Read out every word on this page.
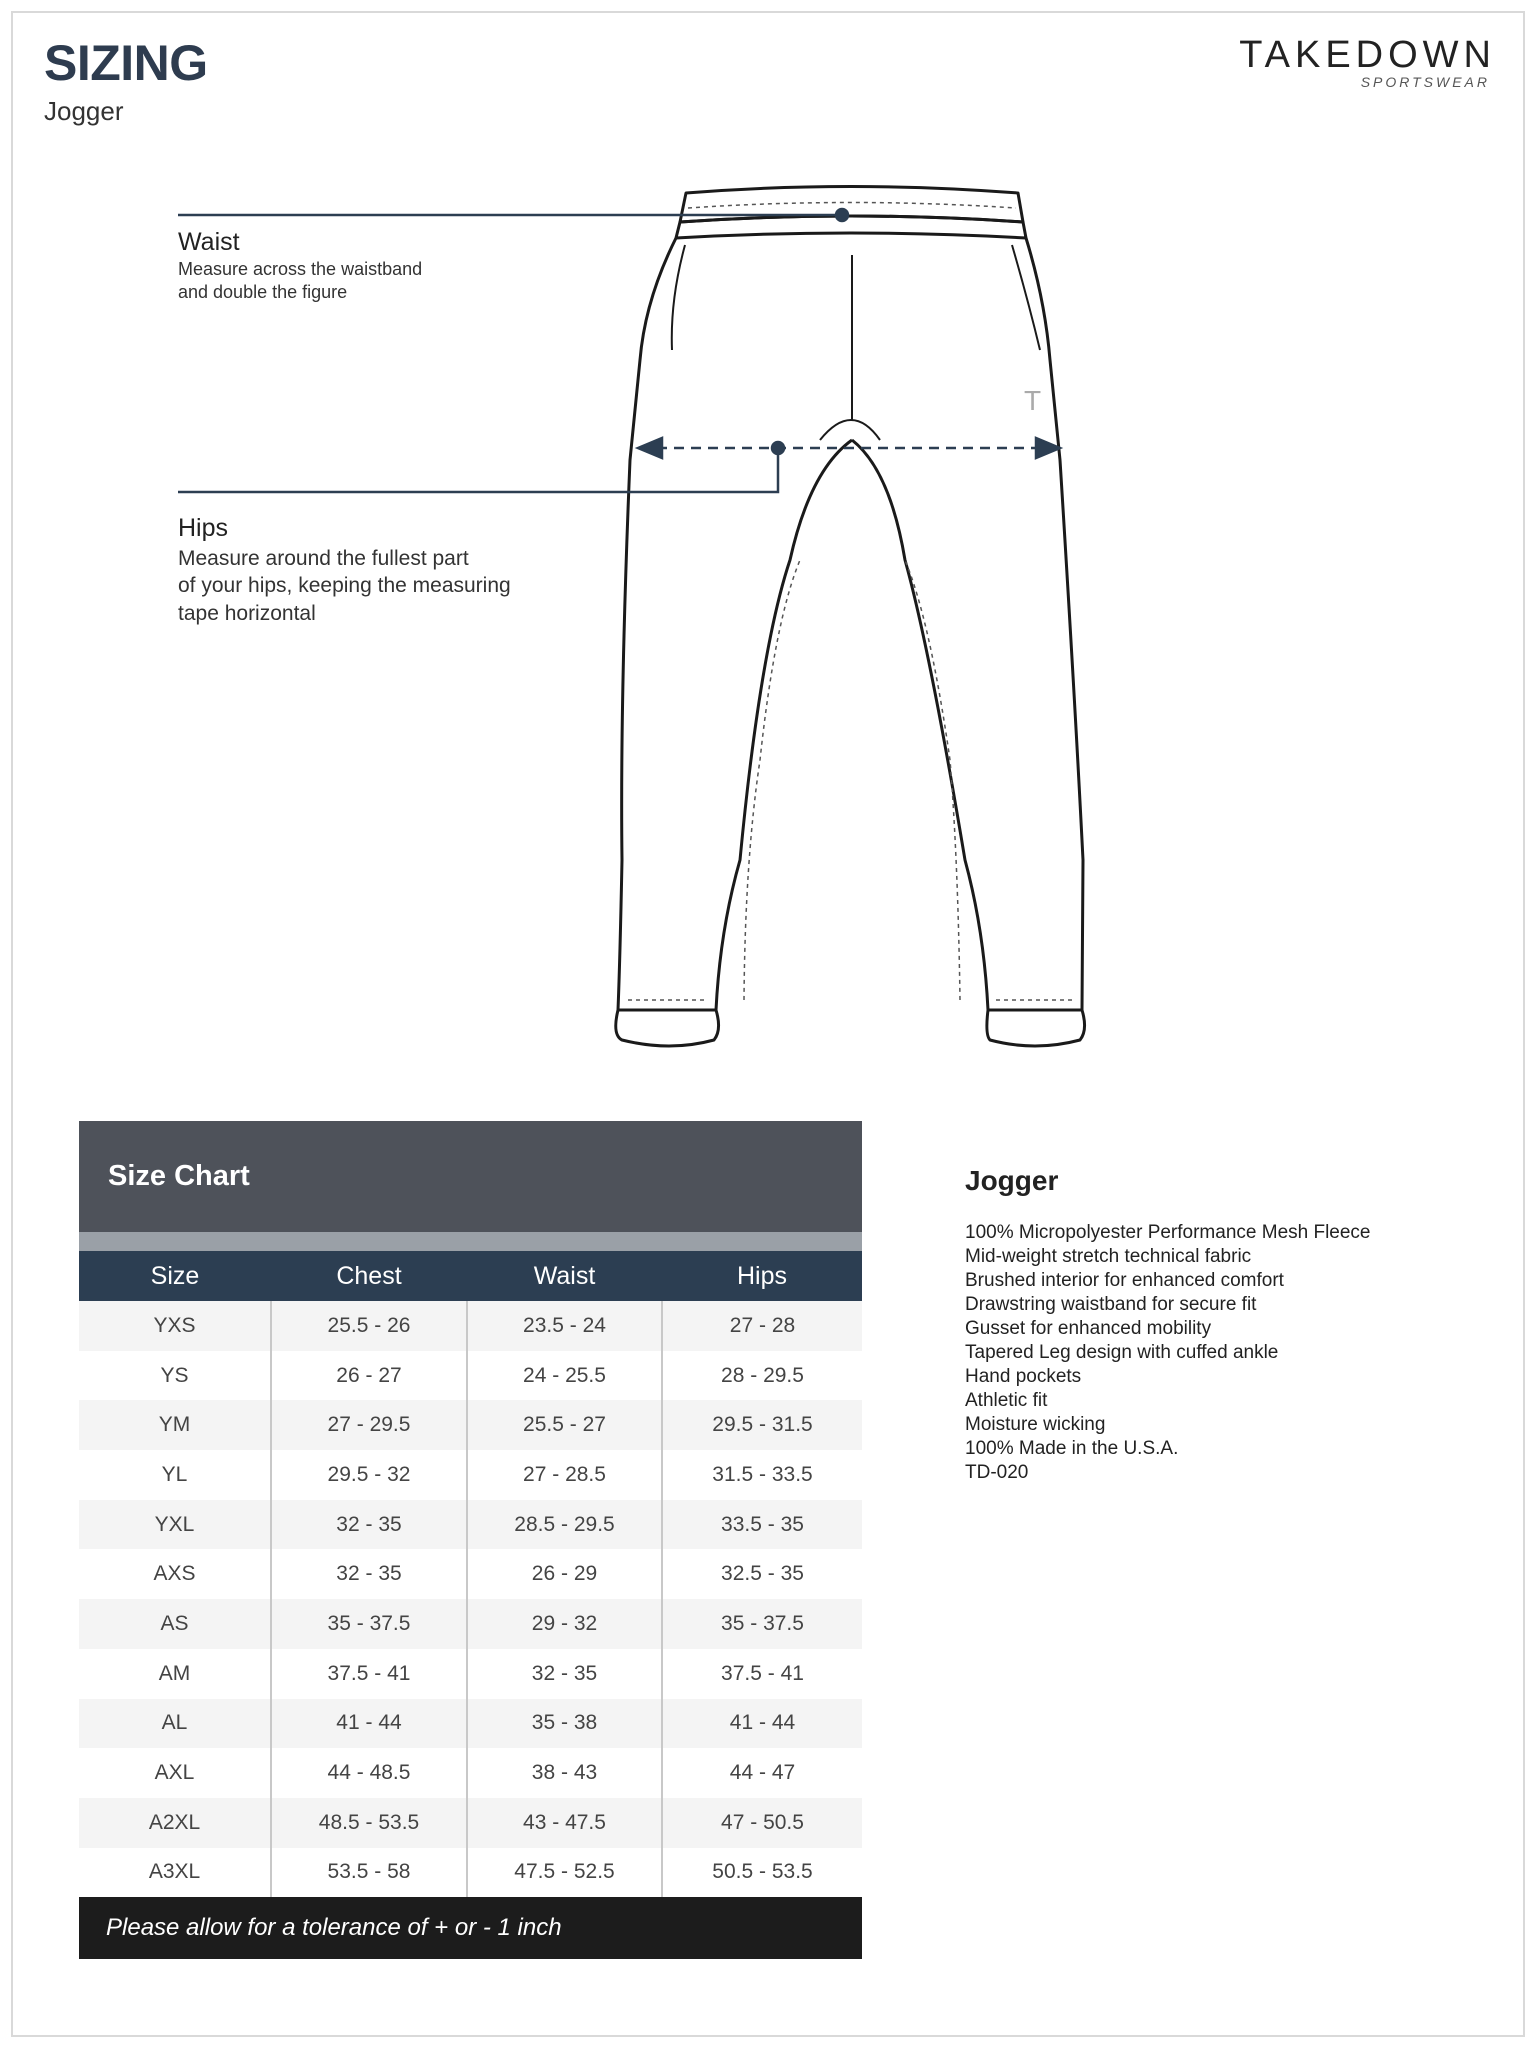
SIZING
Jogger
TAKEDOWN
SPORTSWEAR
T
Waist
Measure across the waistband
and double the figure
Hips
Measure around the fullest part
of your hips, keeping the measuring
tape horizontal
Size Chart
Size	Chest	Waist	Hips
YXS	25.5 - 26	23.5 - 24	27 - 28
YS	26 - 27	24 - 25.5	28 - 29.5
YM	27 - 29.5	25.5 - 27	29.5 - 31.5
YL	29.5 - 32	27 - 28.5	31.5 - 33.5
YXL	32 - 35	28.5 - 29.5	33.5 - 35
AXS	32 - 35	26 - 29	32.5 - 35
AS	35 - 37.5	29 - 32	35 - 37.5
AM	37.5 - 41	32 - 35	37.5 - 41
AL	41 - 44	35 - 38	41 - 44
AXL	44 - 48.5	38 - 43	44 - 47
A2XL	48.5 - 53.5	43 - 47.5	47 - 50.5
A3XL	53.5 - 58	47.5 - 52.5	50.5 - 53.5
Please allow for a tolerance of + or - 1 inch
Jogger
100% Micropolyester Performance Mesh Fleece
Mid-weight stretch technical fabric
Brushed interior for enhanced comfort
Drawstring waistband for secure fit
Gusset for enhanced mobility
Tapered Leg design with cuffed ankle
Hand pockets
Athletic fit
Moisture wicking
100% Made in the U.S.A.
TD-020
